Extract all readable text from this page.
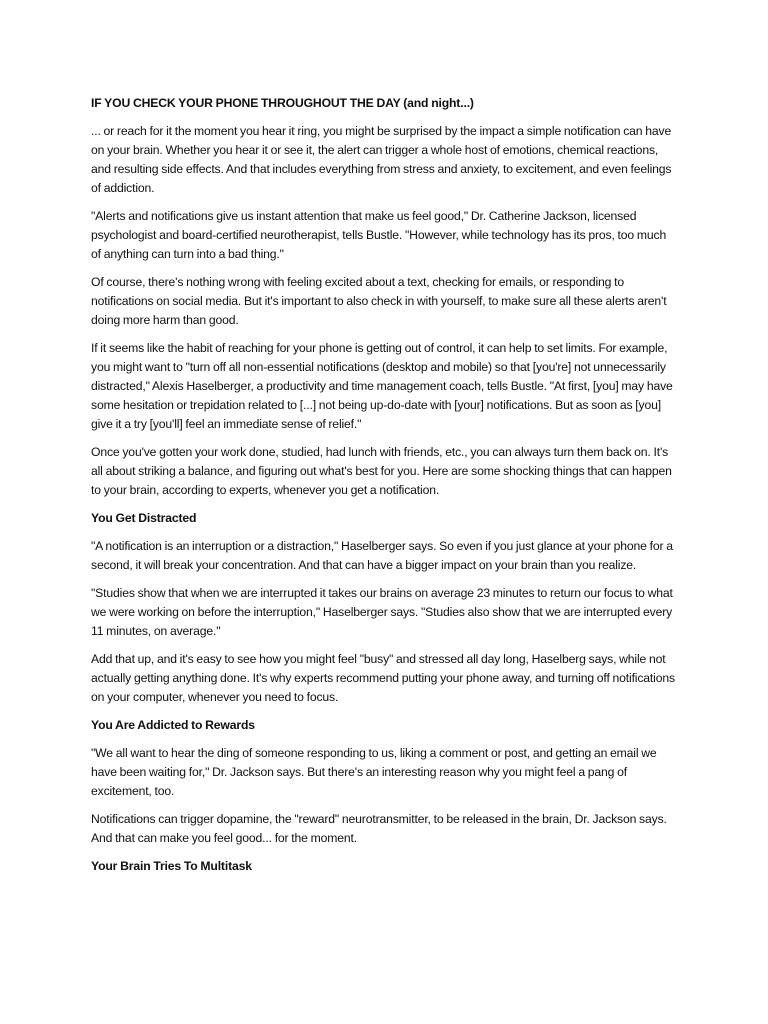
IF YOU CHECK YOUR PHONE THROUGHOUT THE DAY (and night...)

... or reach for it the moment you hear it ring, you might be surprised by the impact a simple notification can have on your brain. Whether you hear it or see it, the alert can trigger a whole host of emotions, chemical reactions, and resulting side effects. And that includes everything from stress and anxiety, to excitement, and even feelings of addiction.

"Alerts and notifications give us instant attention that make us feel good," Dr. Catherine Jackson, licensed psychologist and board-certified neurotherapist, tells Bustle. "However, while technology has its pros, too much of anything can turn into a bad thing."

Of course, there's nothing wrong with feeling excited about a text, checking for emails, or responding to notifications on social media. But it's important to also check in with yourself, to make sure all these alerts aren't doing more harm than good.

If it seems like the habit of reaching for your phone is getting out of control, it can help to set limits. For example, you might want to "turn off all non-essential notifications (desktop and mobile) so that [you're] not unnecessarily distracted," Alexis Haselberger, a productivity and time management coach, tells Bustle. "At first, [you] may have some hesitation or trepidation related to [...] not being up-do-date with [your] notifications. But as soon as [you] give it a try [you'll] feel an immediate sense of relief."

Once you've gotten your work done, studied, had lunch with friends, etc., you can always turn them back on. It's all about striking a balance, and figuring out what's best for you. Here are some shocking things that can happen to your brain, according to experts, whenever you get a notification.

You Get Distracted

"A notification is an interruption or a distraction," Haselberger says. So even if you just glance at your phone for a second, it will break your concentration. And that can have a bigger impact on your brain than you realize.

"Studies show that when we are interrupted it takes our brains on average 23 minutes to return our focus to what we were working on before the interruption," Haselberger says. "Studies also show that we are interrupted every 11 minutes, on average."

Add that up, and it's easy to see how you might feel "busy" and stressed all day long, Haselberg says, while not actually getting anything done. It's why experts recommend putting your phone away, and turning off notifications on your computer, whenever you need to focus.

You Are Addicted to Rewards

"We all want to hear the ding of someone responding to us, liking a comment or post, and getting an email we have been waiting for," Dr. Jackson says. But there's an interesting reason why you might feel a pang of excitement, too.

Notifications can trigger dopamine, the "reward" neurotransmitter, to be released in the brain, Dr. Jackson says. And that can make you feel good... for the moment.

Your Brain Tries To Multitask
